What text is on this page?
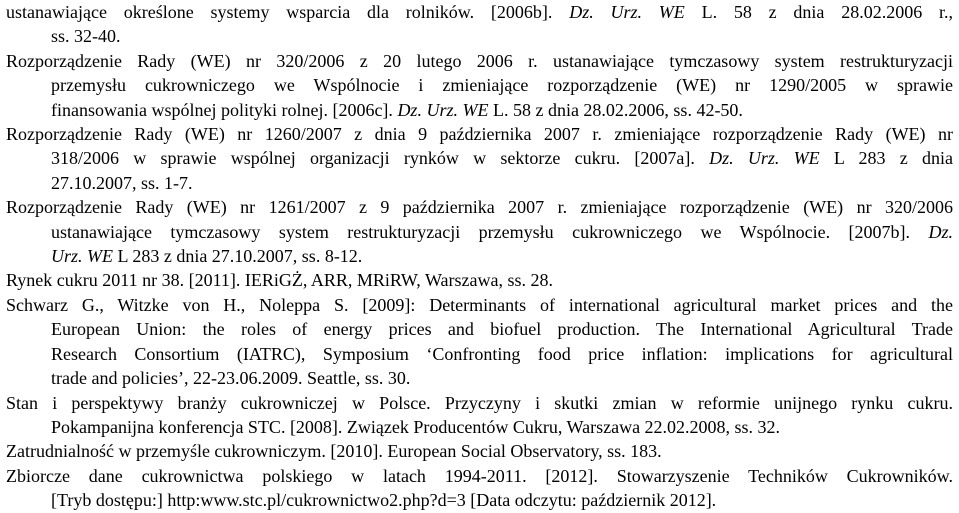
ustanawiające określone systemy wsparcia dla rolników. [2006b]. Dz. Urz. WE L. 58 z dnia 28.02.2006 r.,
ss. 32-40.
Rozporządzenie Rady (WE) nr 320/2006 z 20 lutego 2006 r. ustanawiające tymczasowy system restrukturyzacji
przemysłu cukrowniczego we Wspólnocie i zmieniające rozporządzenie (WE) nr 1290/2005 w sprawie
finansowania wspólnej polityki rolnej. [2006c]. Dz. Urz. WE L. 58 z dnia 28.02.2006, ss. 42-50.
Rozporządzenie Rady (WE) nr 1260/2007 z dnia 9 października 2007 r. zmieniające rozporządzenie Rady (WE) nr
318/2006 w sprawie wspólnej organizacji rynków w sektorze cukru. [2007a]. Dz. Urz. WE L 283 z dnia
27.10.2007, ss. 1-7.
Rozporządzenie Rady (WE) nr 1261/2007 z 9 października 2007 r. zmieniające rozporządzenie (WE) nr 320/2006
ustanawiające tymczasowy system restrukturyzacji przemysłu cukrowniczego we Wspólnocie. [2007b]. Dz.
Urz. WE L 283 z dnia 27.10.2007, ss. 8-12.
Rynek cukru 2011 nr 38. [2011]. IERiGŻ, ARR, MRiRW, Warszawa, ss. 28.
Schwarz G., Witzke von H., Noleppa S. [2009]: Determinants of international agricultural market prices and the
European Union: the roles of energy prices and biofuel production. The International Agricultural Trade
Research Consortium (IATRC), Symposium ‘Confronting food price inflation: implications for agricultural
trade and policies’, 22-23.06.2009. Seattle, ss. 30.
Stan i perspektywy branży cukrowniczej w Polsce. Przyczyny i skutki zmian w reformie unijnego rynku cukru.
Pokampanijna konferencja STC. [2008]. Związek Producentów Cukru, Warszawa 22.02.2008, ss. 32.
Zatrudnialność w przemyśle cukrowniczym. [2010]. European Social Observatory, ss. 183.
Zbiorcze dane cukrownictwa polskiego w latach 1994-2011. [2012]. Stowarzyszenie Techników Cukrowników.
[Tryb dostępu:] http:www.stc.pl/cukrownictwo2.php?d=3 [Data odczytu: październik 2012].
